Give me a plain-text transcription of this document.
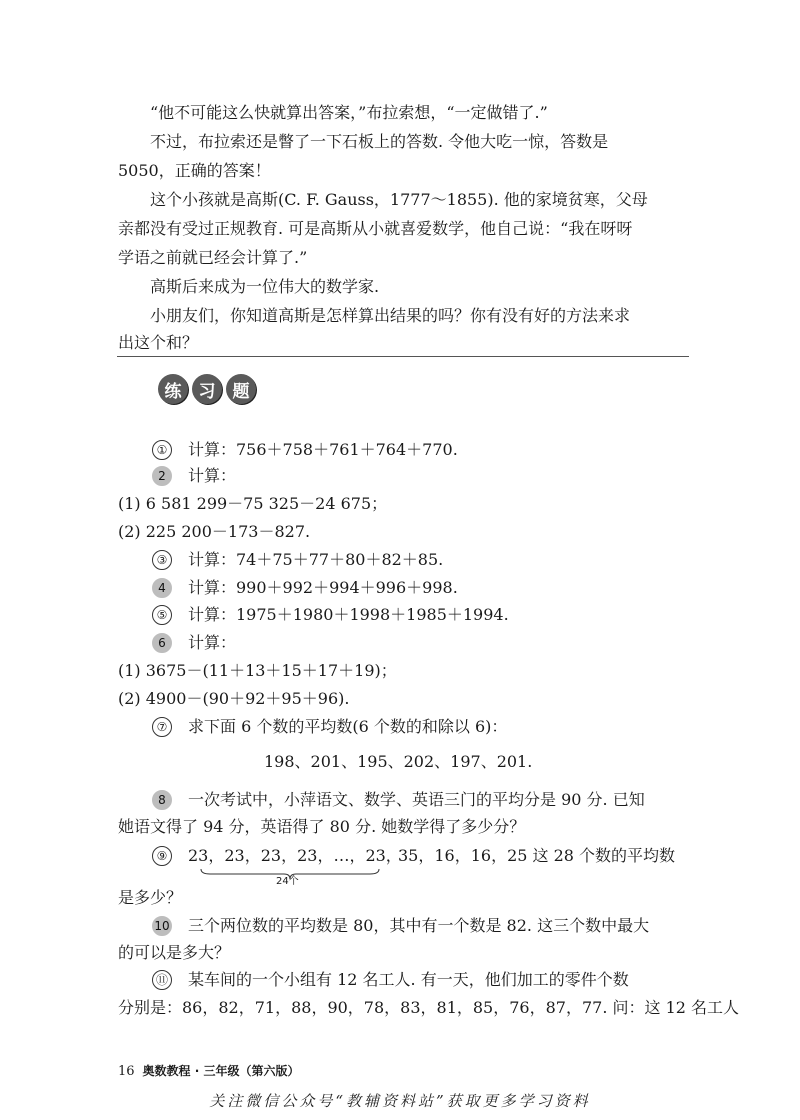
“他不可能这么快就算出答案，”布拉索想，“一定做错了.”

不过，布拉索还是瞥了一下石板上的答数. 令他大吃一惊，答数是

5050，正确的答案！

这个小孩就是高斯(C. F. Gauss，1777～1855). 他的家境贫寒，父母

亲都没有受过正规教育. 可是高斯从小就喜爱数学，他自己说：“我在呀呀

学语之前就已经会计算了.”

高斯后来成为一位伟大的数学家.

小朋友们，你知道高斯是怎样算出结果的吗？你有没有好的方法来求

出这个和？

练	习	题
① 计算：756＋758＋761＋764＋770.
2 计算：
(1) 6 581 299－75 325－24 675；
(2) 225 200－173－827.
③ 计算：74＋75＋77＋80＋82＋85.
4 计算：990＋992＋994＋996＋998.
⑤ 计算：1975＋1980＋1998＋1985＋1994.
6 计算：
(1) 3675－(11＋13＋15＋17＋19)；
(2) 4900－(90＋92＋95＋96).
⑦ 求下面 6 个数的平均数(6 个数的和除以 6)：
198、201、195、202、197、201.
8 一次考试中，小萍语文、数学、英语三门的平均分是 90 分. 已知
她语文得了 94 分，英语得了 80 分. 她数学得了多少分？
⑨ 23，23，23，23，…，23，35，16，16，25 这 28 个数的平均数
24个
是多少？
10 三个两位数的平均数是 80，其中有一个数是 82. 这三个数中最大
的可以是多大？
⑪ 某车间的一个小组有 12 名工人. 有一天，他们加工的零件个数
分别是：86，82，71，88，90，78，83，81，85，76，87，77. 问：这 12 名工人
16 奥数教程 · 三年级（第六版）
关注微信公众号“教辅资料站”获取更多学习资料
